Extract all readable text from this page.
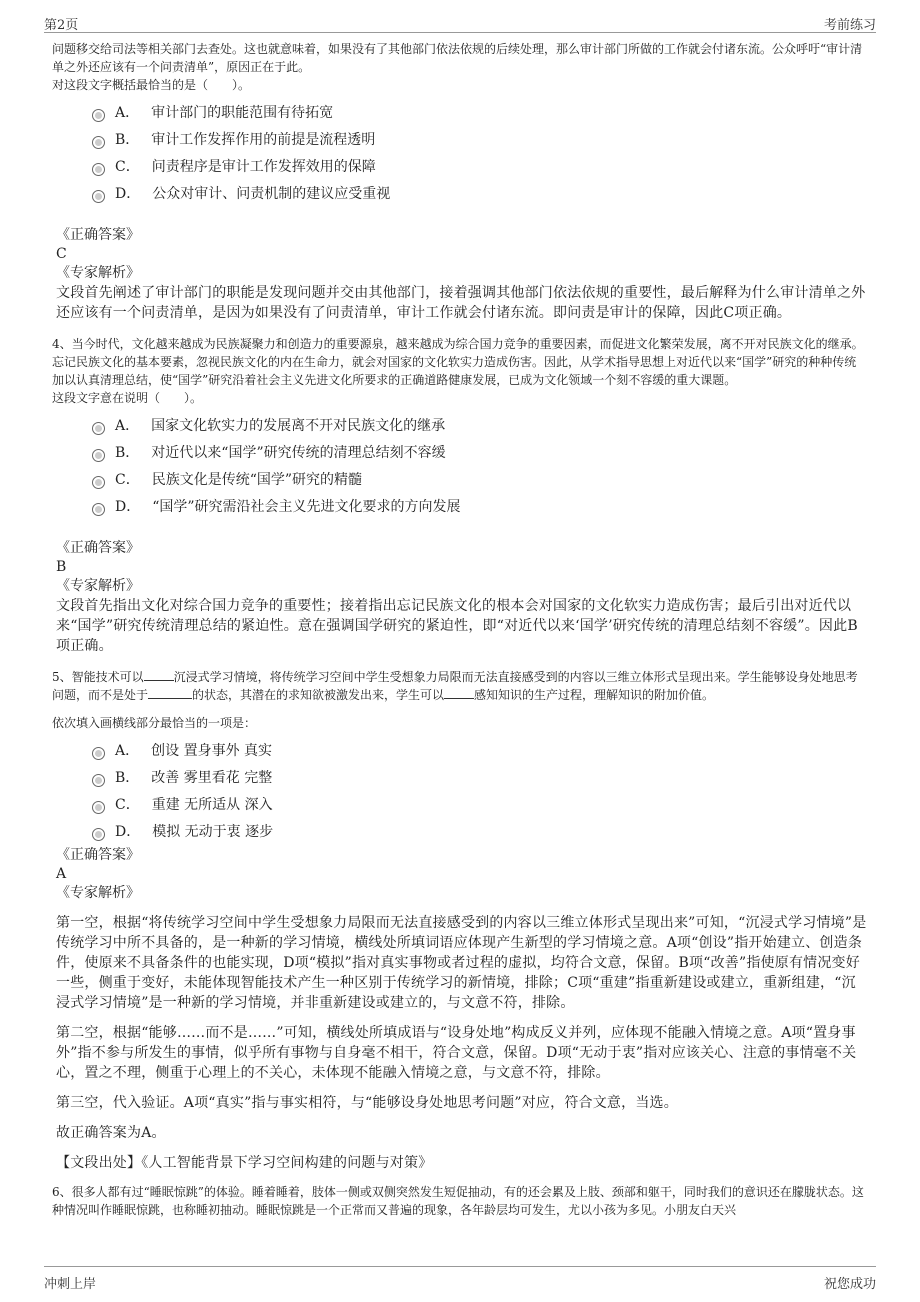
第2页	考前练习

问题移交给司法等相关部门去查处。这也就意味着，如果没有了其他部门依法依规的后续处理，那么审计部门所做的工作就会付诸东流。公众呼吁“审计清单之外还应该有一个问责清单”，原因正在于此。

对这段文字概括最恰当的是（　　）。

A． 审计部门的职能范围有待拓宽
B． 审计工作发挥作用的前提是流程透明
C． 问责程序是审计工作发挥效用的保障
D． 公众对审计、问责机制的建议应受重视

《正确答案》

C

《专家解析》

文段首先阐述了审计部门的职能是发现问题并交由其他部门，接着强调其他部门依法依规的重要性，最后解释为什么审计清单之外还应该有一个问责清单，是因为如果没有了问责清单，审计工作就会付诸东流。即问责是审计的保障，因此C项正确。

4、当今时代，文化越来越成为民族凝聚力和创造力的重要源泉，越来越成为综合国力竞争的重要因素，而促进文化繁荣发展，离不开对民族文化的继承。忘记民族文化的基本要素，忽视民族文化的内在生命力，就会对国家的文化软实力造成伤害。因此，从学术指导思想上对近代以来“国学”研究的种种传统加以认真清理总结，使“国学”研究沿着社会主义先进文化所要求的正确道路健康发展，已成为文化领域一个刻不容缓的重大课题。

这段文字意在说明（　　）。

A． 国家文化软实力的发展离不开对民族文化的继承
B． 对近代以来“国学”研究传统的清理总结刻不容缓
C． 民族文化是传统“国学”研究的精髓
D． “国学”研究需沿社会主义先进文化要求的方向发展

《正确答案》

B

《专家解析》

文段首先指出文化对综合国力竞争的重要性；接着指出忘记民族文化的根本会对国家的文化软实力造成伤害；最后引出对近代以来“国学”研究传统清理总结的紧迫性。意在强调国学研究的紧迫性，即“对近代以来‘国学’研究传统的清理总结刻不容缓”。因此B项正确。

5、智能技术可以	沉浸式学习情境，将传统学习空间中学生受想象力局限而无法直接感受到的内容以三维立体形式呈现出来。学生能够设身处地思考问题，而不是处于	的状态，其潜在的求知欲被激发出来，学生可以	感知知识的生产过程，理解知识的附加价值。

依次填入画横线部分最恰当的一项是：

A． 创设 置身事外 真实
B． 改善 雾里看花 完整
C． 重建 无所适从 深入
D． 模拟 无动于衷 逐步

《正确答案》

A

《专家解析》

第一空，根据“将传统学习空间中学生受想象力局限而无法直接感受到的内容以三维立体形式呈现出来”可知，“沉浸式学习情境”是传统学习中所不具备的，是一种新的学习情境，横线处所填词语应体现产生新型的学习情境之意。A项“创设”指开始建立、创造条件，使原来不具备条件的也能实现，D项“模拟”指对真实事物或者过程的虚拟，均符合文意，保留。B项“改善”指使原有情况变好一些，侧重于变好，未能体现智能技术产生一种区别于传统学习的新情境，排除；C项“重建”指重新建设或建立，重新组建，“沉浸式学习情境”是一种新的学习情境，并非重新建设或建立的，与文意不符，排除。

第二空，根据“能够……而不是……”可知，横线处所填成语与“设身处地”构成反义并列，应体现不能融入情境之意。A项“置身事外”指不参与所发生的事情，似乎所有事物与自身毫不相干，符合文意，保留。D项“无动于衷”指对应该关心、注意的事情毫不关心，置之不理，侧重于心理上的不关心，未体现不能融入情境之意，与文意不符，排除。

第三空，代入验证。A项“真实”指与事实相符，与“能够设身处地思考问题”对应，符合文意，当选。

故正确答案为A。

【文段出处】《人工智能背景下学习空间构建的问题与对策》

6、很多人都有过“睡眠惊跳”的体验。睡着睡着，肢体一侧或双侧突然发生短促抽动，有的还会累及上肢、颈部和躯干，同时我们的意识还在朦胧状态。这种情况叫作睡眠惊跳，也称睡初抽动。睡眠惊跳是一个正常而又普遍的现象，各年龄层均可发生，尤以小孩为多见。小朋友白天兴

冲刺上岸	祝您成功
